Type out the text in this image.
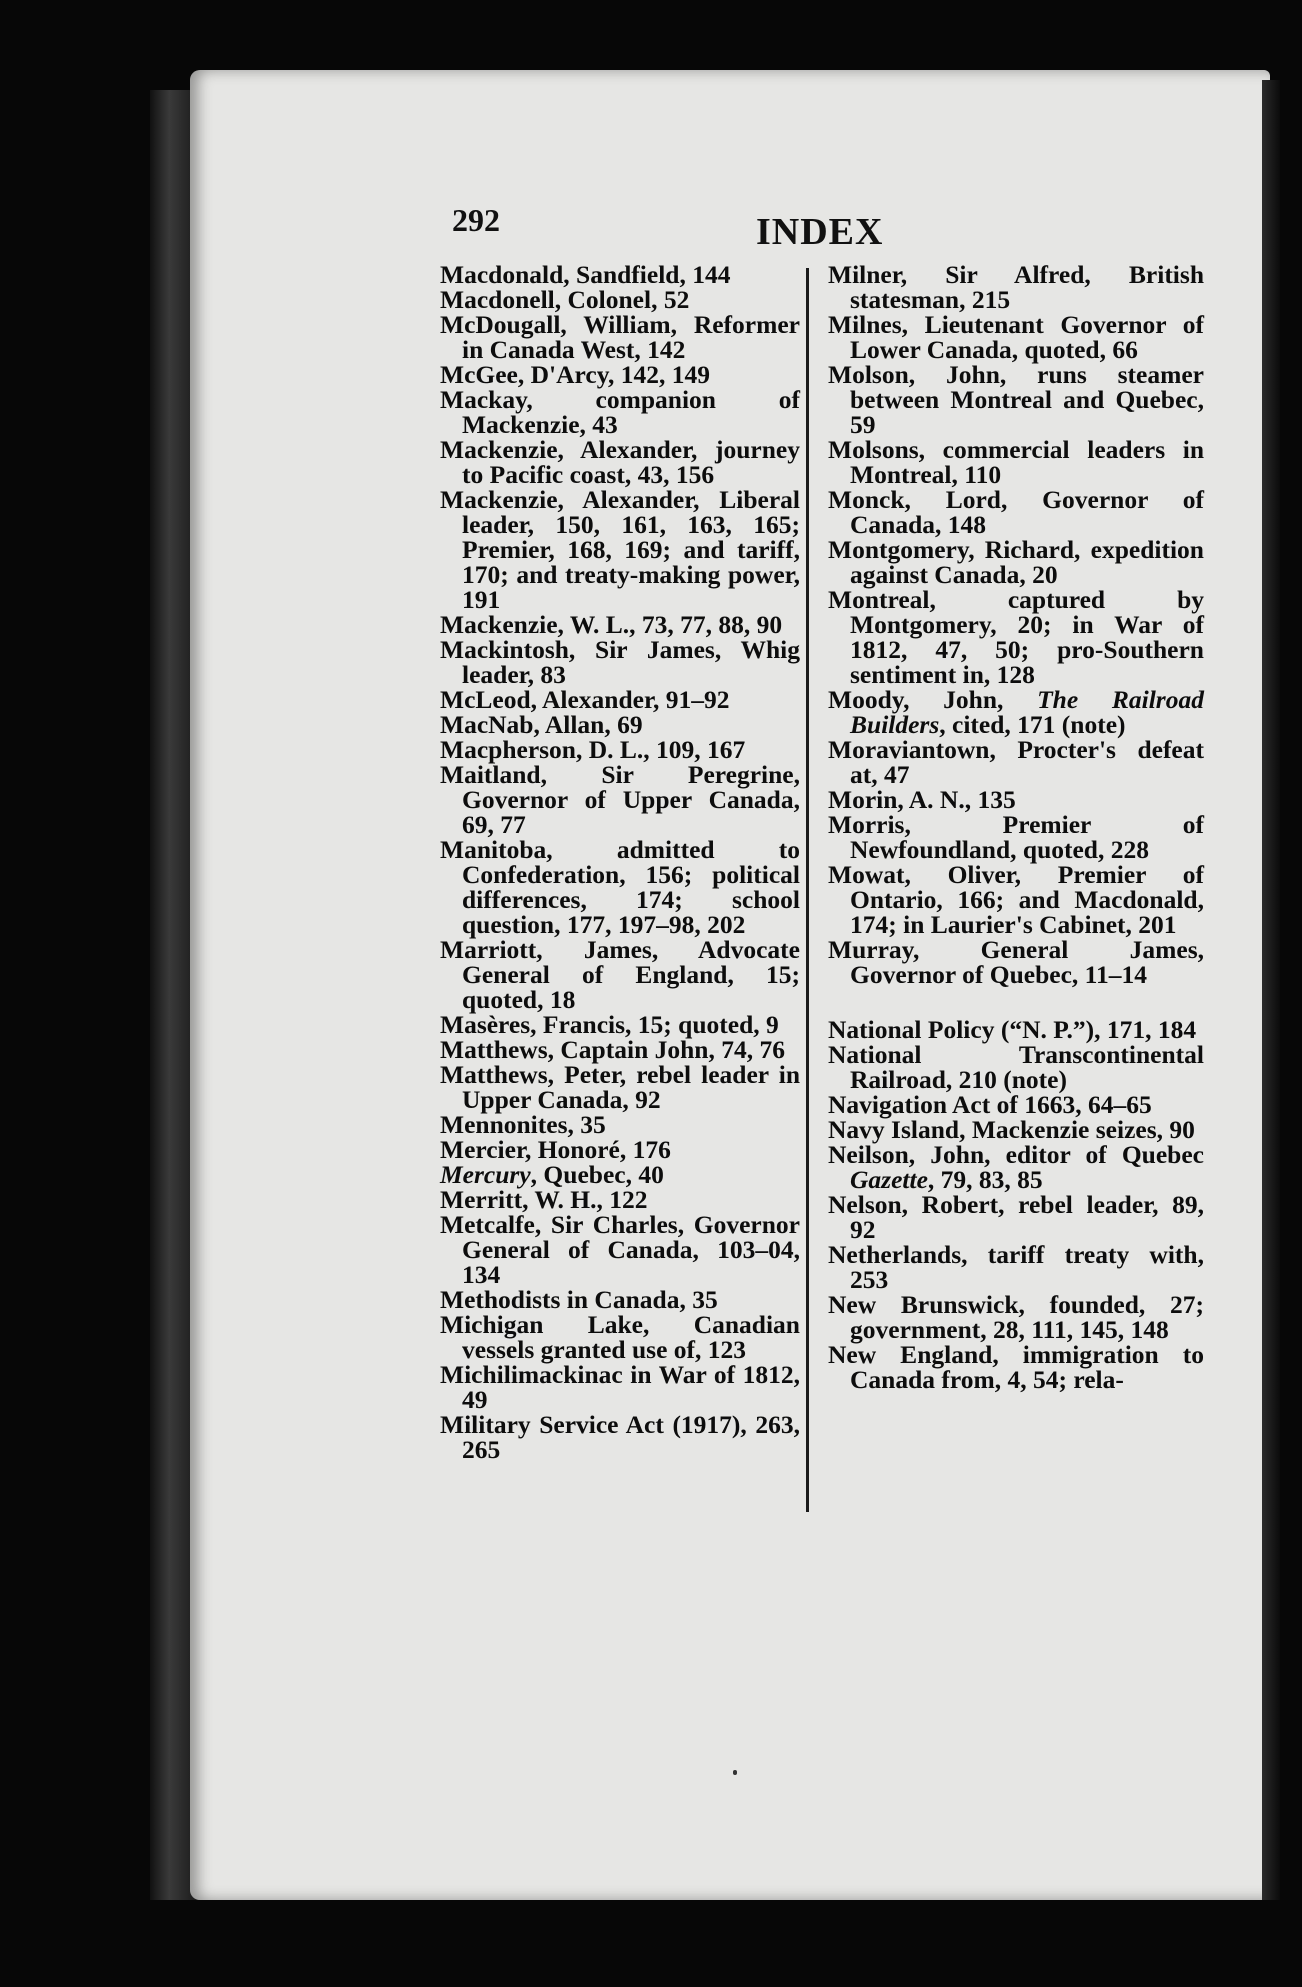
292	INDEX

Macdonald, Sandfield, 144

Macdonell, Colonel, 52

McDougall, William, Reformer in Canada West, 142

McGee, D'Arcy, 142, 149

Mackay, companion of Mackenzie, 43

Mackenzie, Alexander, journey to Pacific coast, 43, 156

Mackenzie, Alexander, Liberal leader, 150, 161, 163, 165; Premier, 168, 169; and tariff, 170; and treaty-making power, 191

Mackenzie, W. L., 73, 77, 88, 90

Mackintosh, Sir James, Whig leader, 83

McLeod, Alexander, 91–92

MacNab, Allan, 69

Macpherson, D. L., 109, 167

Maitland, Sir Peregrine, Governor of Upper Canada, 69, 77

Manitoba, admitted to Confederation, 156; political differences, 174; school question, 177, 197–98, 202

Marriott, James, Advocate General of England, 15; quoted, 18

Masères, Francis, 15; quoted, 9

Matthews, Captain John, 74, 76

Matthews, Peter, rebel leader in Upper Canada, 92

Mennonites, 35

Mercier, Honoré, 176

Mercury, Quebec, 40

Merritt, W. H., 122

Metcalfe, Sir Charles, Governor General of Canada, 103–04, 134

Methodists in Canada, 35

Michigan Lake, Canadian vessels granted use of, 123

Michilimackinac in War of 1812, 49

Military Service Act (1917), 263, 265

Milner, Sir Alfred, British statesman, 215

Milnes, Lieutenant Governor of Lower Canada, quoted, 66

Molson, John, runs steamer between Montreal and Quebec, 59

Molsons, commercial leaders in Montreal, 110

Monck, Lord, Governor of Canada, 148

Montgomery, Richard, expedition against Canada, 20

Montreal, captured by Montgomery, 20; in War of 1812, 47, 50; pro-Southern sentiment in, 128

Moody, John, The Railroad Builders, cited, 171 (note)

Moraviantown, Procter's defeat at, 47

Morin, A. N., 135

Morris, Premier of Newfoundland, quoted, 228

Mowat, Oliver, Premier of Ontario, 166; and Macdonald, 174; in Laurier's Cabinet, 201

Murray, General James, Governor of Quebec, 11–14

National Policy (“N. P.”), 171, 184

National Transcontinental Railroad, 210 (note)

Navigation Act of 1663, 64–65

Navy Island, Mackenzie seizes, 90

Neilson, John, editor of Quebec Gazette, 79, 83, 85

Nelson, Robert, rebel leader, 89, 92

Netherlands, tariff treaty with, 253

New Brunswick, founded, 27; government, 28, 111, 145, 148

New England, immigration to Canada from, 4, 54; rela-
